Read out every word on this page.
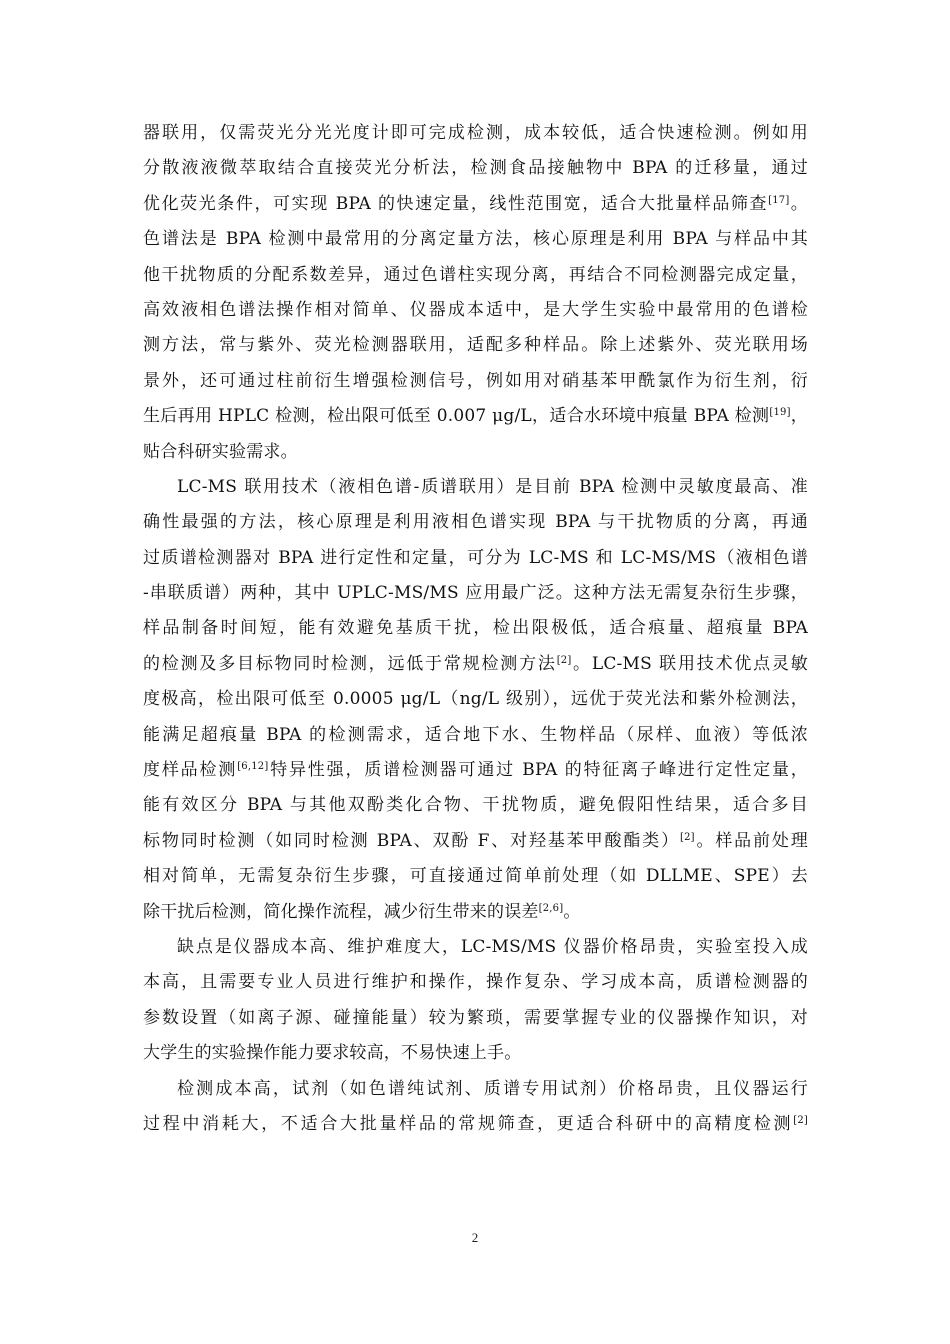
器联用，仅需荧光分光光度计即可完成检测，成本较低，适合快速检测。例如用
分散液液微萃取结合直接荧光分析法，检测食品接触物中 BPA 的迁移量，通过
优化荧光条件，可实现 BPA 的快速定量，线性范围宽，适合大批量样品筛查[17]。
色谱法是 BPA 检测中最常用的分离定量方法，核心原理是利用 BPA 与样品中其
他干扰物质的分配系数差异，通过色谱柱实现分离，再结合不同检测器完成定量，
高效液相色谱法操作相对简单、仪器成本适中，是大学生实验中最常用的色谱检
测方法，常与紫外、荧光检测器联用，适配多种样品。除上述紫外、荧光联用场
景外，还可通过柱前衍生增强检测信号，例如用对硝基苯甲酰氯作为衍生剂，衍
生后再用 HPLC 检测，检出限可低至 0.007 μg/L，适合水环境中痕量 BPA 检测[19]，
贴合科研实验需求。
LC-MS 联用技术（液相色谱-质谱联用）是目前 BPA 检测中灵敏度最高、准
确性最强的方法，核心原理是利用液相色谱实现 BPA 与干扰物质的分离，再通
过质谱检测器对 BPA 进行定性和定量，可分为 LC-MS 和 LC-MS/MS（液相色谱
-串联质谱）两种，其中 UPLC-MS/MS 应用最广泛。这种方法无需复杂衍生步骤，
样品制备时间短，能有效避免基质干扰，检出限极低，适合痕量、超痕量 BPA
的检测及多目标物同时检测，远低于常规检测方法[2]。LC-MS 联用技术优点灵敏
度极高，检出限可低至 0.0005 μg/L（ng/L 级别），远优于荧光法和紫外检测法，
能满足超痕量 BPA 的检测需求，适合地下水、生物样品（尿样、血液）等低浓
度样品检测[6,12]特异性强，质谱检测器可通过 BPA 的特征离子峰进行定性定量，
能有效区分 BPA 与其他双酚类化合物、干扰物质，避免假阳性结果，适合多目
标物同时检测（如同时检测 BPA、双酚 F、对羟基苯甲酸酯类）[2]。样品前处理
相对简单，无需复杂衍生步骤，可直接通过简单前处理（如 DLLME、SPE）去
除干扰后检测，简化操作流程，减少衍生带来的误差[2,6]。
缺点是仪器成本高、维护难度大，LC-MS/MS 仪器价格昂贵，实验室投入成
本高，且需要专业人员进行维护和操作，操作复杂、学习成本高，质谱检测器的
参数设置（如离子源、碰撞能量）较为繁琐，需要掌握专业的仪器操作知识，对
大学生的实验操作能力要求较高，不易快速上手。
检测成本高，试剂（如色谱纯试剂、质谱专用试剂）价格昂贵，且仪器运行
过程中消耗大，不适合大批量样品的常规筛查，更适合科研中的高精度检测[2]
2
